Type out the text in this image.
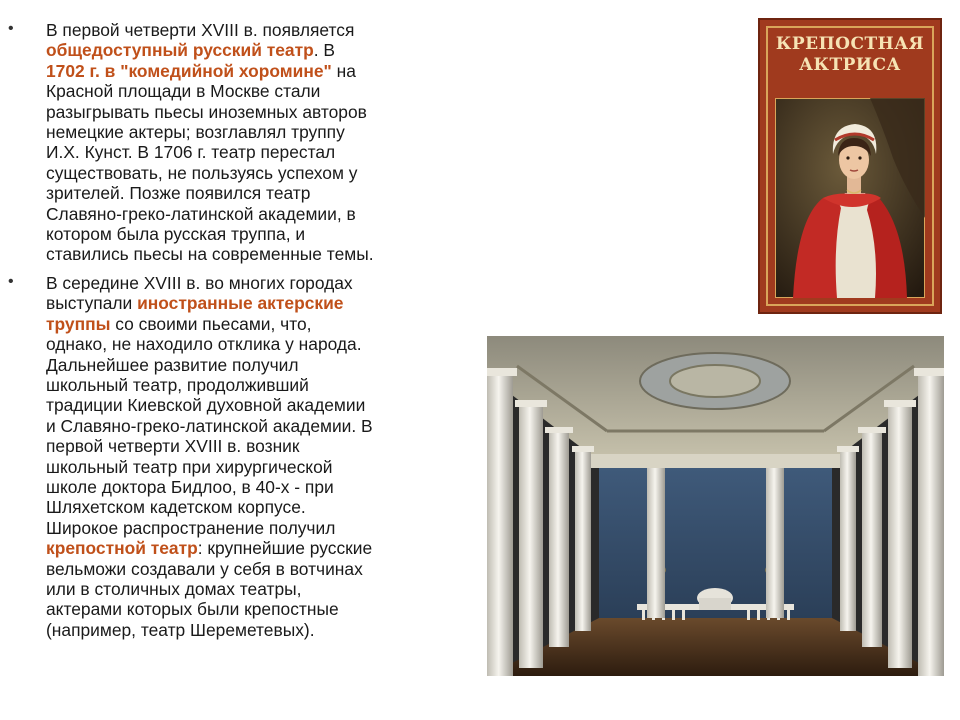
• В первой четверти XVIII в. появляется
общедоступный русский театр. В
1702 г. в "комедийной хоромине" на
Красной площади в Москве стали
разыгрывать пьесы иноземных авторов
немецкие актеры; возглавлял труппу
И.Х. Кунст. В 1706 г. театр перестал
существовать, не пользуясь успехом у
зрителей. Позже появился театр
Славяно-греко-латинской академии, в
котором была русская труппа, и
ставились пьесы на современные темы.
• В середине XVIII в. во многих городах
выступали иностранные актерские
труппы со своими пьесами, что,
однако, не находило отклика у народа.
Дальнейшее развитие получил
школьный театр, продолживший
традиции Киевской духовной академии
и Славяно-греко-латинской академии. В
первой четверти XVIII в. возник
школьный театр при хирургической
школе доктора Бидлоо, в 40-х - при
Шляхетском кадетском корпусе.
Широкое распространение получил
крепостной театр: крупнейшие русские
вельможи создавали у себя в вотчинах
или в столичных домах театры,
актерами которых были крепостные
(например, театр Шереметевых).
КРЕПОСТНАЯ
АКТРИСА
